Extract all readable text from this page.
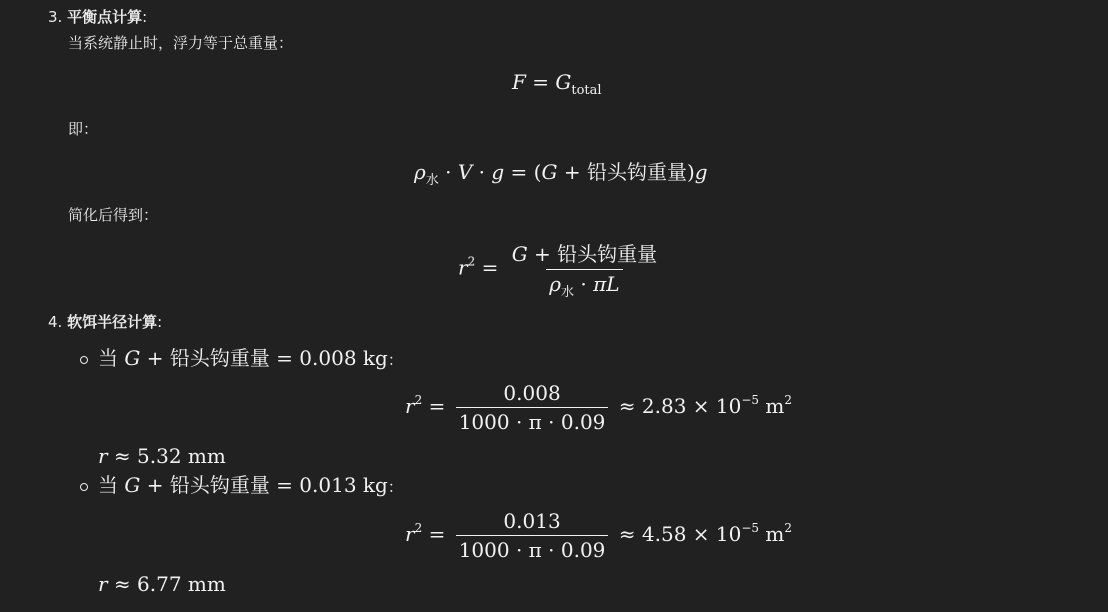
3. 平衡点计算:
当系统静止时，浮力等于总重量：
$F = G_{total}$
即：
$\rho_水 \cdot V \cdot g = (G$ + 铅头钩重量)g
简化后得到：
$r^2 = \frac{\text{G + 铅头钩重量}}{\rho_水 \cdot \pi L}$
4. 软饵半径计算:
当 G + 铅头钩重量 = 0.008 kg：
$r^2 = \frac{0.008}{1000 \cdot \pi \cdot 0.09} \approx 2.83 \times 10^{-5}$ $m^2$
r ≈ 5.32 mm
当 G + 铅头钩重量 = 0.013 kg：
$r^2 = \frac{0.013}{1000 \cdot \pi \cdot 0.09} \approx 4.58 \times 10^{-5}$ $m^2$
r ≈ 6.77 mm
